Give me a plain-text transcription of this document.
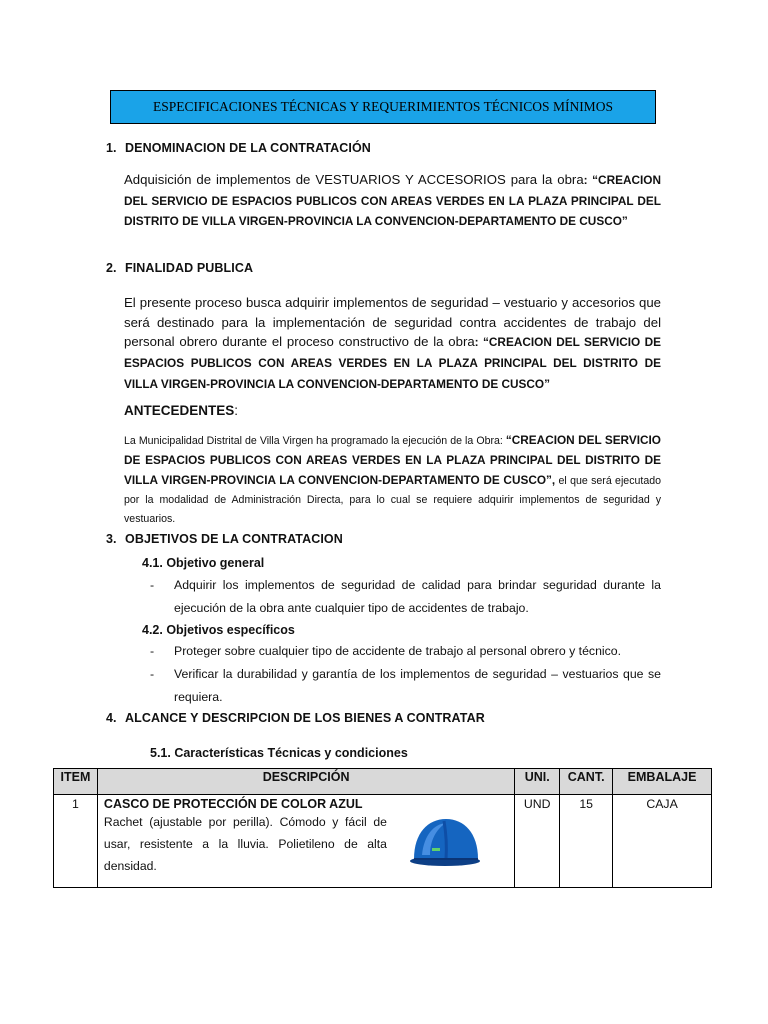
ESPECIFICACIONES TÉCNICAS Y REQUERIMIENTOS TÉCNICOS MÍNIMOS
1. DENOMINACION DE LA CONTRATACIÓN
Adquisición de implementos de VESTUARIOS Y ACCESORIOS para la obra: “CREACION DEL SERVICIO DE ESPACIOS PUBLICOS CON AREAS VERDES EN LA PLAZA PRINCIPAL DEL DISTRITO DE VILLA VIRGEN-PROVINCIA LA CONVENCION-DEPARTAMENTO DE CUSCO”
2. FINALIDAD PUBLICA
El presente proceso busca adquirir implementos de seguridad – vestuario y accesorios que será destinado para la implementación de seguridad contra accidentes de trabajo del personal obrero durante el proceso constructivo de la obra: “CREACION DEL SERVICIO DE ESPACIOS PUBLICOS CON AREAS VERDES EN LA PLAZA PRINCIPAL DEL DISTRITO DE VILLA VIRGEN-PROVINCIA LA CONVENCION-DEPARTAMENTO DE CUSCO”
ANTECEDENTES:
La Municipalidad Distrital de Villa Virgen ha programado la ejecución de la Obra: “CREACION DEL SERVICIO DE ESPACIOS PUBLICOS CON AREAS VERDES EN LA PLAZA PRINCIPAL DEL DISTRITO DE VILLA VIRGEN-PROVINCIA LA CONVENCION-DEPARTAMENTO DE CUSCO”, el que será ejecutado por la modalidad de Administración Directa, para lo cual se requiere adquirir implementos de seguridad y vestuarios.
3. OBJETIVOS DE LA CONTRATACION
4.1. Objetivo general
- Adquirir los implementos de seguridad de calidad para brindar seguridad durante la ejecución de la obra ante cualquier tipo de accidentes de trabajo.
4.2. Objetivos específicos
- Proteger sobre cualquier tipo de accidente de trabajo al personal obrero y técnico.
- Verificar la durabilidad y garantía de los implementos de seguridad – vestuarios que se requiera.
4. ALCANCE Y DESCRIPCION DE LOS BIENES A CONTRATAR
5.1. Características Técnicas y condiciones
ITEM	DESCRIPCIÓN	UNI.	CANT.	EMBALAJE
1	CASCO DE PROTECCIÓN DE COLOR AZUL
Rachet (ajustable por perilla). Cómodo y fácil de usar, resistente a la lluvia. Polietileno de alta densidad.	UND	15	CAJA
